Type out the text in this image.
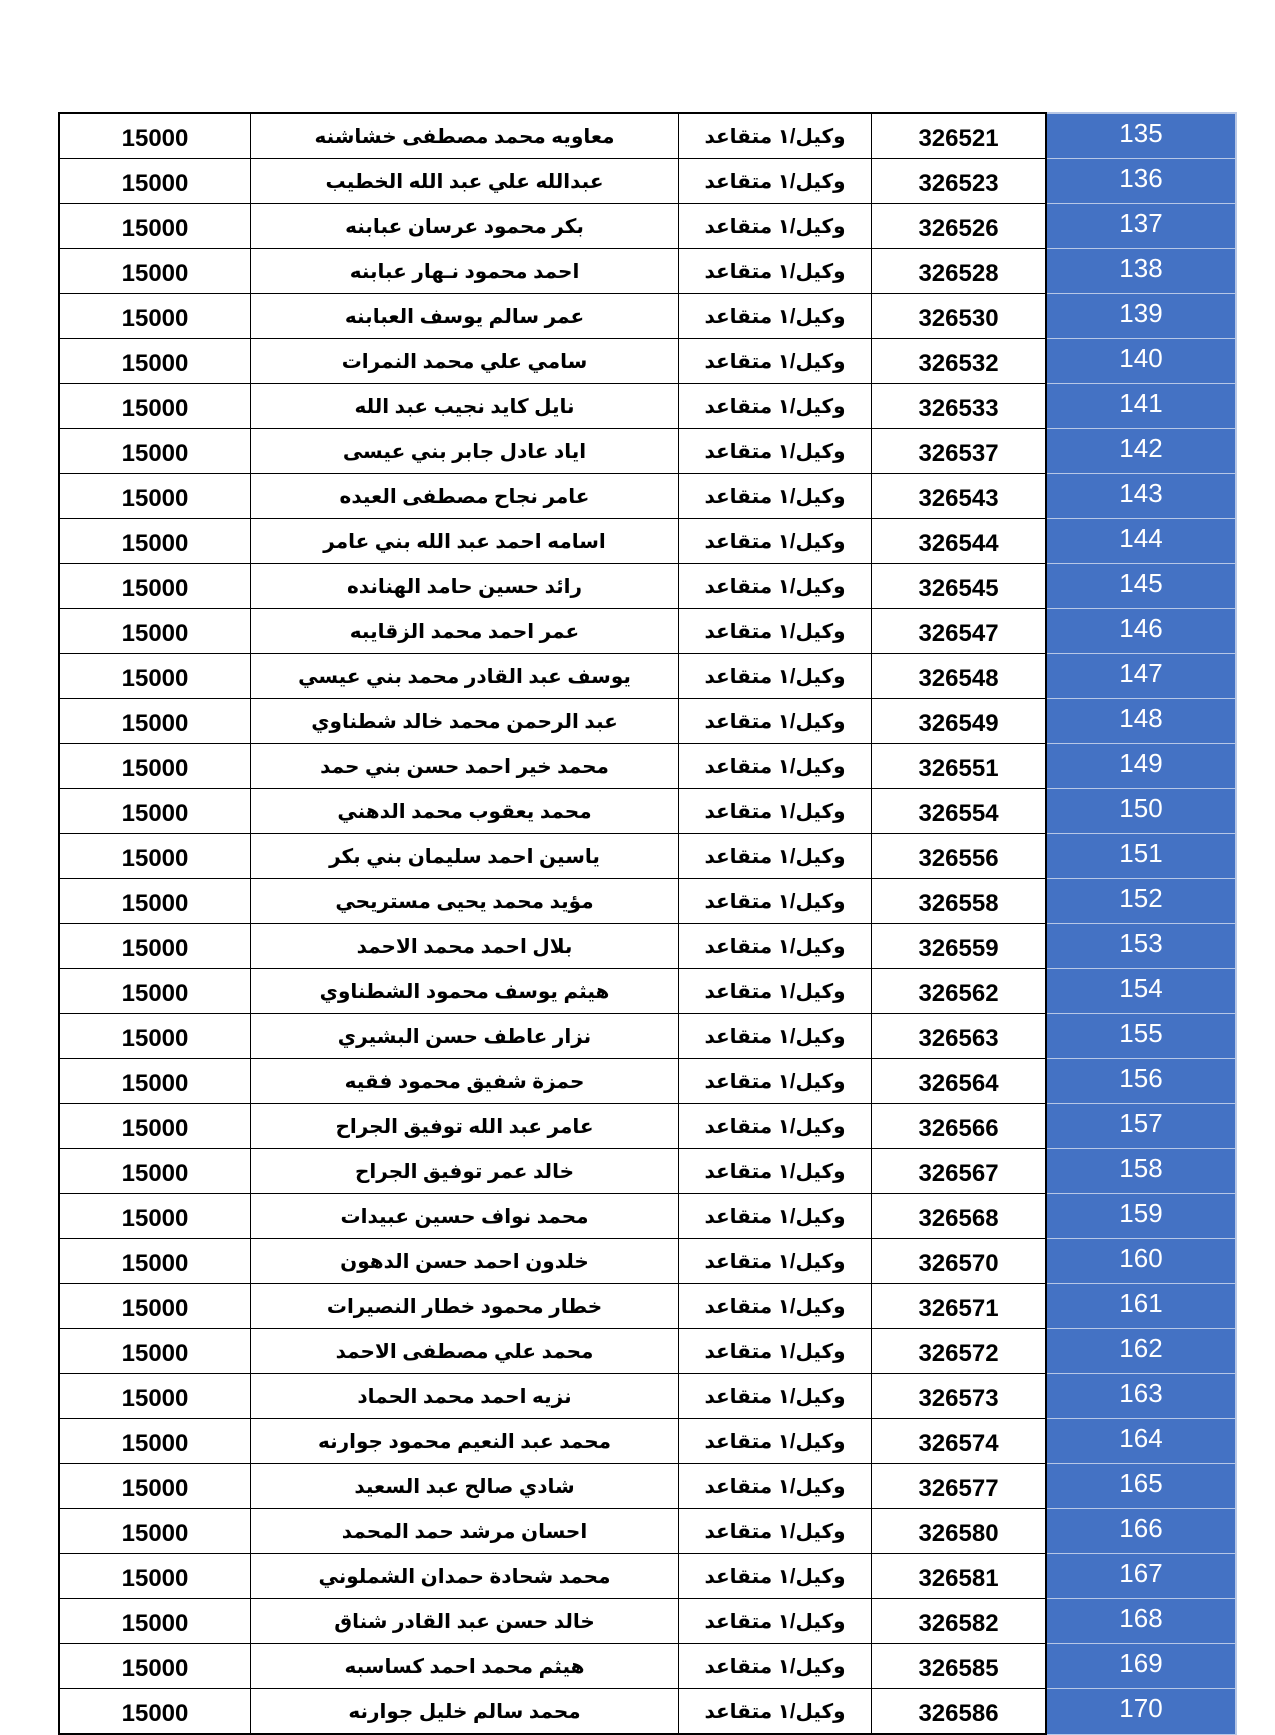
15000	معاويه محمد مصطفى خشاشنه	وكيل/١ متقاعد	326521	135
15000	عبدالله علي عبد الله الخطيب	وكيل/١ متقاعد	326523	136
15000	بكر محمود عرسان عبابنه	وكيل/١ متقاعد	326526	137
15000	احمد محمود نـهار عبابنه	وكيل/١ متقاعد	326528	138
15000	عمر سالم يوسف العبابنه	وكيل/١ متقاعد	326530	139
15000	سامي علي محمد النمرات	وكيل/١ متقاعد	326532	140
15000	نايل كايد نجيب عبد الله	وكيل/١ متقاعد	326533	141
15000	اياد عادل جابر بني عيسى	وكيل/١ متقاعد	326537	142
15000	عامر نجاح مصطفى العيده	وكيل/١ متقاعد	326543	143
15000	اسامه احمد عبد الله بني عامر	وكيل/١ متقاعد	326544	144
15000	رائد حسين حامد الهنانده	وكيل/١ متقاعد	326545	145
15000	عمر احمد محمد الزقايبه	وكيل/١ متقاعد	326547	146
15000	يوسف عبد القادر محمد بني عيسي	وكيل/١ متقاعد	326548	147
15000	عبد الرحمن محمد خالد شطناوي	وكيل/١ متقاعد	326549	148
15000	محمد خير احمد حسن بني حمد	وكيل/١ متقاعد	326551	149
15000	محمد يعقوب محمد الدهني	وكيل/١ متقاعد	326554	150
15000	ياسين احمد سليمان بني بكر	وكيل/١ متقاعد	326556	151
15000	مؤيد محمد يحيى مستريحي	وكيل/١ متقاعد	326558	152
15000	بلال احمد محمد الاحمد	وكيل/١ متقاعد	326559	153
15000	هيثم يوسف محمود الشطناوي	وكيل/١ متقاعد	326562	154
15000	نزار عاطف حسن البشيري	وكيل/١ متقاعد	326563	155
15000	حمزة شفيق محمود فقيه	وكيل/١ متقاعد	326564	156
15000	عامر عبد الله توفيق الجراح	وكيل/١ متقاعد	326566	157
15000	خالد عمر توفيق الجراح	وكيل/١ متقاعد	326567	158
15000	محمد نواف حسين عبيدات	وكيل/١ متقاعد	326568	159
15000	خلدون احمد حسن الدهون	وكيل/١ متقاعد	326570	160
15000	خطار محمود خطار النصيرات	وكيل/١ متقاعد	326571	161
15000	محمد علي مصطفى الاحمد	وكيل/١ متقاعد	326572	162
15000	نزيه احمد محمد الحماد	وكيل/١ متقاعد	326573	163
15000	محمد عبد النعيم محمود جوارنه	وكيل/١ متقاعد	326574	164
15000	شادي صالح عبد السعيد	وكيل/١ متقاعد	326577	165
15000	احسان مرشد حمد المحمد	وكيل/١ متقاعد	326580	166
15000	محمد شحادة حمدان الشملوني	وكيل/١ متقاعد	326581	167
15000	خالد حسن عبد القادر شناق	وكيل/١ متقاعد	326582	168
15000	هيثم محمد احمد كساسبه	وكيل/١ متقاعد	326585	169
15000	محمد سالم خليل جوارنه	وكيل/١ متقاعد	326586	170
